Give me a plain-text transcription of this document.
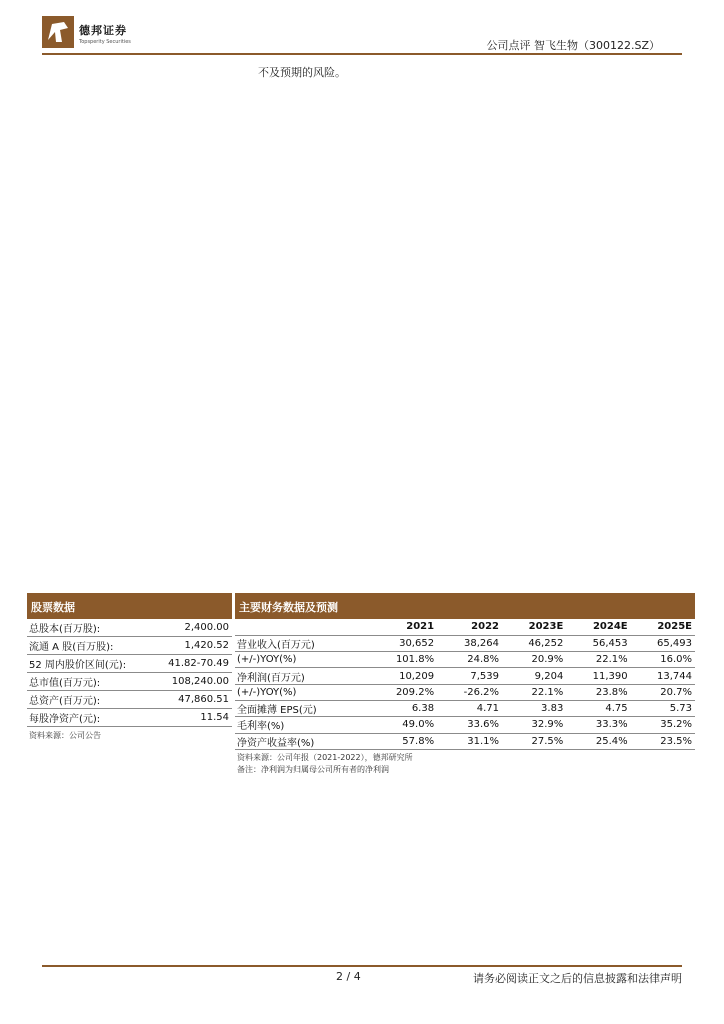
德邦证券
Topsperity Securities	公司点评 智飞生物（300122.SZ）
不及预期的风险。
股票数据
总股本(百万股):	2,400.00
流通 A 股(百万股):	1,420.52
52 周内股价区间(元):	41.82-70.49
总市值(百万元):	108,240.00
总资产(百万元):	47,860.51
每股净资产(元):	11.54
资料来源：公司公告
主要财务数据及预测
	2021	2022	2023E	2024E	2025E
营业收入(百万元)	30,652	38,264	46,252	56,453	65,493
(+/-)YOY(%)	101.8%	24.8%	20.9%	22.1%	16.0%
净利润(百万元)	10,209	7,539	9,204	11,390	13,744
(+/-)YOY(%)	209.2%	-26.2%	22.1%	23.8%	20.7%
全面摊薄 EPS(元)	6.38	4.71	3.83	4.75	5.73
毛利率(%)	49.0%	33.6%	32.9%	33.3%	35.2%
净资产收益率(%)	57.8%	31.1%	27.5%	25.4%	23.5%
资料来源：公司年报（2021-2022），德邦研究所
备注：净利润为归属母公司所有者的净利润
2 / 4	请务必阅读正文之后的信息披露和法律声明
